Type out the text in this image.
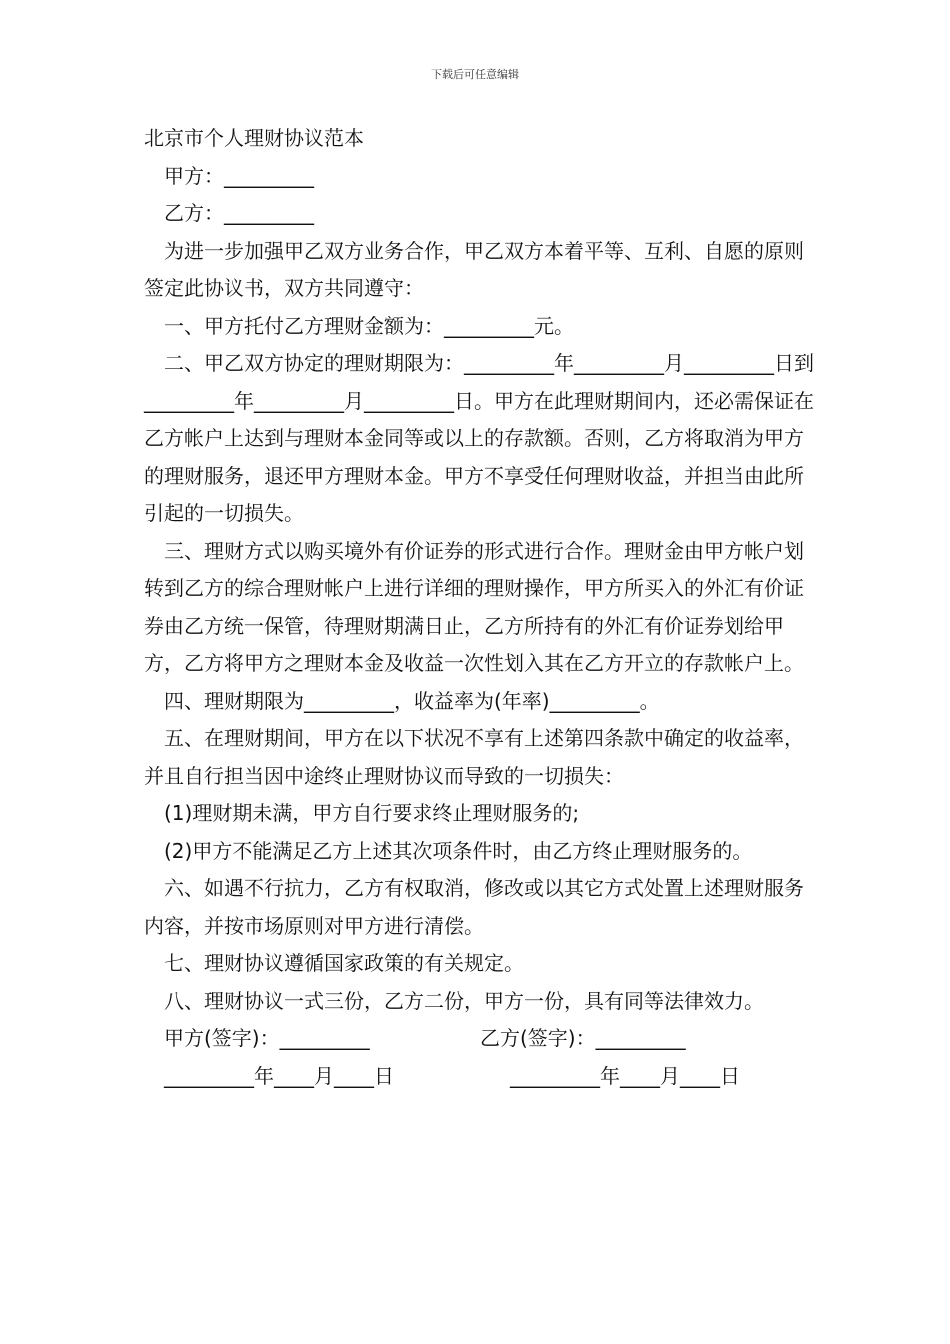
下载后可任意编辑

北京市个人理财协议范本

甲方：_________

乙方：_________

为进一步加强甲乙双方业务合作，甲乙双方本着平等、互利、自愿的原则签定此协议书，双方共同遵守：

一、甲方托付乙方理财金额为：_________元。

二、甲乙双方协定的理财期限为：_________年_________月_________日到_________年_________月_________日。甲方在此理财期间内，还必需保证在乙方帐户上达到与理财本金同等或以上的存款额。否则，乙方将取消为甲方的理财服务，退还甲方理财本金。甲方不享受任何理财收益，并担当由此所引起的一切损失。

三、理财方式以购买境外有价证券的形式进行合作。理财金由甲方帐户划转到乙方的综合理财帐户上进行详细的理财操作，甲方所买入的外汇有价证券由乙方统一保管，待理财期满日止，乙方所持有的外汇有价证券划给甲方，乙方将甲方之理财本金及收益一次性划入其在乙方开立的存款帐户上。

四、理财期限为_________，收益率为(年率)_________。

五、在理财期间，甲方在以下状况不享有上述第四条款中确定的收益率，并且自行担当因中途终止理财协议而导致的一切损失：

(1)理财期未满，甲方自行要求终止理财服务的;

(2)甲方不能满足乙方上述其次项条件时，由乙方终止理财服务的。

六、如遇不行抗力，乙方有权取消，修改或以其它方式处置上述理财服务内容，并按市场原则对甲方进行清偿。

七、理财协议遵循国家政策的有关规定。

八、理财协议一式三份，乙方二份，甲方一份，具有同等法律效力。

甲方(签字)：_________

	乙方(签字)：_________

_________年____月____日

	_________年____月____日
